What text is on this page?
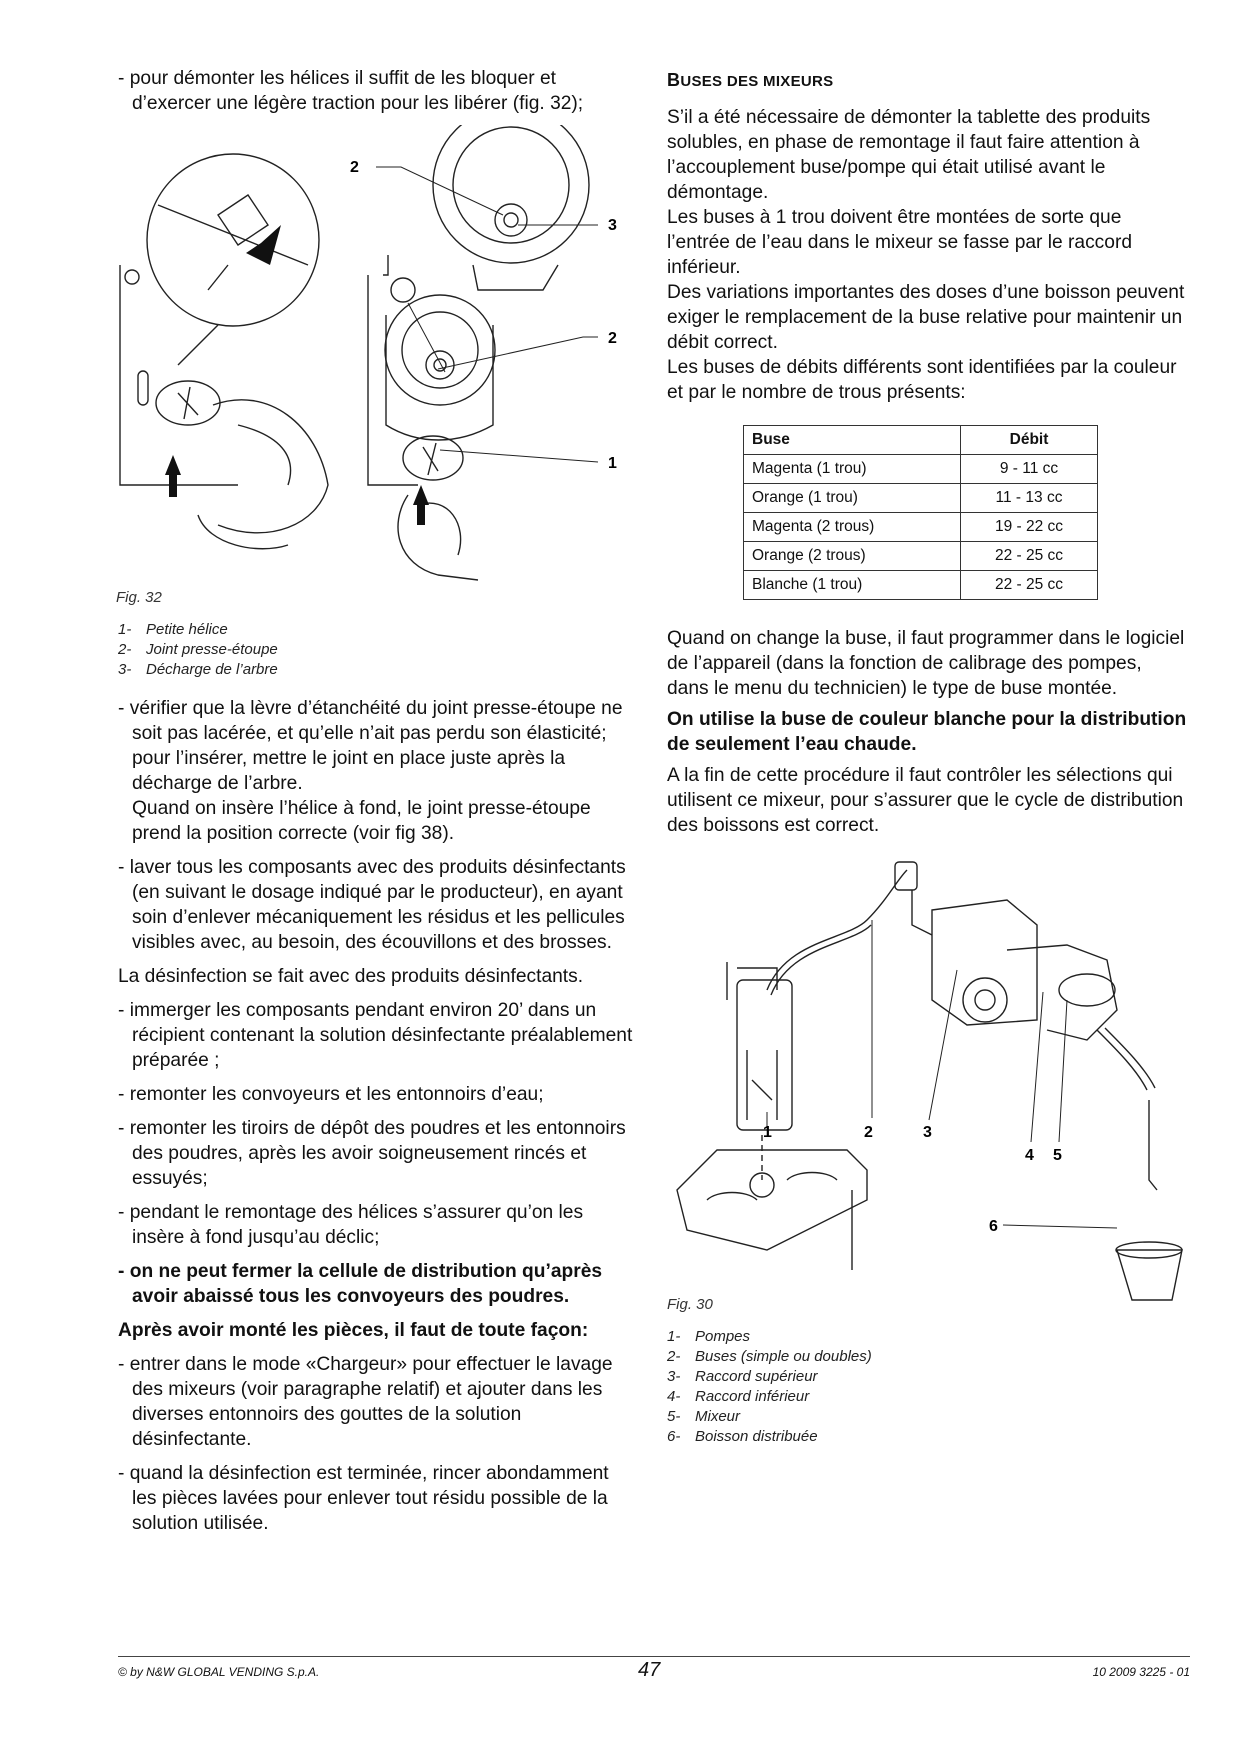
- pour démonter les hélices il suffit de les bloquer et d’exercer une légère traction pour les libérer (fig. 32);
2
3
2
1
Fig. 32
1- Petite hélice
2- Joint presse-étoupe
3- Décharge de l’arbre
- vérifier que la lèvre d’étanchéité du joint presse-étoupe ne soit pas lacérée, et qu’elle n’ait pas perdu son élasticité; pour l’insérer, mettre le joint en place juste après la décharge de l’arbre.
Quand on insère l’hélice à fond, le joint presse-étoupe prend la position correcte (voir fig 38).
- laver tous les composants avec des produits désinfectants (en suivant le dosage indiqué par le producteur), en ayant soin d’enlever mécaniquement les résidus et les pellicules visibles avec, au besoin, des écouvillons et des brosses.

La désinfection se fait avec des produits désinfectants.

- immerger les composants pendant environ 20’ dans un récipient contenant la solution désinfectante préalablement préparée ;
- remonter les convoyeurs et les entonnoirs d’eau;
- remonter les tiroirs de dépôt des poudres et les entonnoirs des poudres, après les avoir soigneusement rincés et essuyés;
- pendant le remontage des hélices s’assurer qu’on les insère à fond jusqu’au déclic;
- on ne peut fermer la cellule de distribution qu’après avoir abaissé tous les convoyeurs des poudres.

Après avoir monté les pièces, il faut de toute façon:

- entrer dans le mode «Chargeur» pour effectuer le lavage des mixeurs (voir paragraphe relatif) et ajouter dans les diverses entonnoirs des gouttes de la solution désinfectante.
- quand la désinfection est terminée, rincer abondamment les pièces lavées pour enlever tout résidu possible de la solution utilisée.
BUSES DES MIXEURS

S’il a été nécessaire de démonter la tablette des produits solubles, en phase de remontage il faut faire attention à l’accouplement buse/pompe qui était utilisé avant le démontage.

Les buses à 1 trou doivent être montées de sorte que l’entrée de l’eau dans le mixeur se fasse par le raccord inférieur.

Des variations importantes des doses d’une boisson peuvent exiger le remplacement de la buse relative pour maintenir un débit correct.

Les buses de débits différents sont identifiées par la couleur et par le nombre de trous présents:

Buse	Débit
Magenta (1 trou)	9 - 11 cc
Orange (1 trou)	11 - 13 cc
Magenta (2 trous)	19 - 22 cc
Orange (2 trous)	22 - 25 cc
Blanche (1 trou)	22 - 25 cc

Quand on change la buse, il faut programmer dans le logiciel de l’appareil (dans la fonction de calibrage des pompes, dans le menu du technicien) le type de buse montée.

On utilise la buse de couleur blanche pour la distribution de seulement l’eau chaude.

A la fin de cette procédure il faut contrôler les sélections qui utilisent ce mixeur, pour s’assurer que le cycle de distribution des boissons est correct.

1	2	3
4 5
6
Fig. 30
1- Pompes
2- Buses (simple ou doubles)
3- Raccord supérieur
4- Raccord inférieur
5- Mixeur
6- Boisson distribuée
© by N&W GLOBAL VENDING S.p.A.	47	10 2009 3225 - 01
